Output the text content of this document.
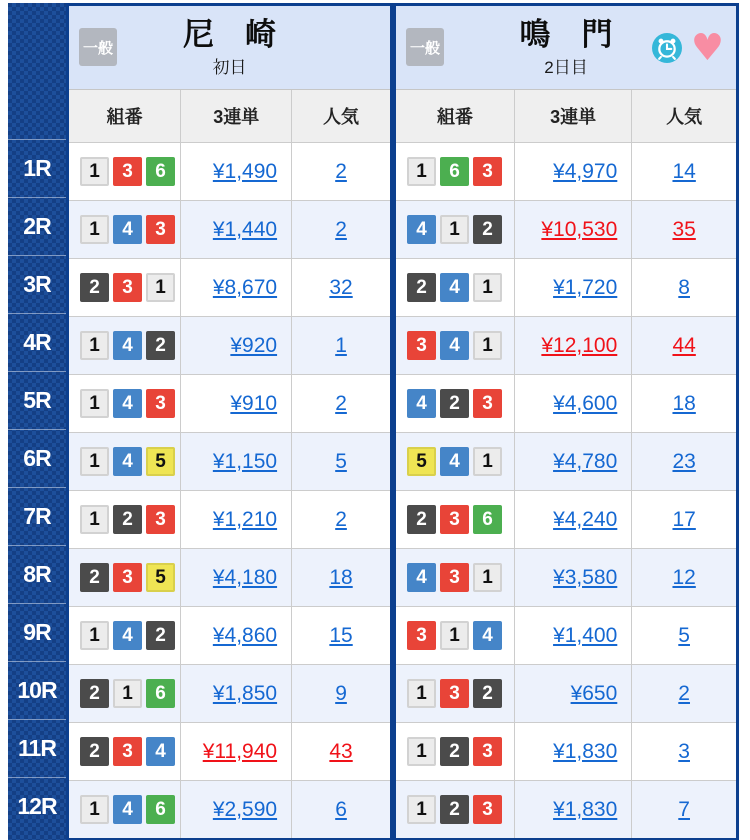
1R
2R
3R
4R
5R
6R
7R
8R
9R
10R
11R
12R
一般 尼　崎
初日
組番	3連単	人気
1	3	6	¥1,490	2
1	4	3	¥1,440	2
2	3	1	¥8,670 32
1	4	2	¥920	1
1	4	3	¥910	2
1	4	5	¥1,150	5
1	2	3	¥1,210	2
2	3	5	¥4,180 18
1	4	2	¥4,860 15
2	1	6	¥1,850	9
2	3	4	¥11,940 43
1	4	6	¥2,590	6
一般	鳴　門
2日目	♥
組番	3連単	人気
1	6	3	¥4,970	14
4	1	2	¥10,530	35
2	4	1	¥1,720	8
3	4	1	¥12,100	44
4	2	3	¥4,600	18
5	4	1	¥4,780	23
2	3	6	¥4,240	17
4	3	1	¥3,580	12
3	1	4	¥1,400	5
1	3	2	¥650	2
1	2	3	¥1,830	3
1	2	3	¥1,830	7
